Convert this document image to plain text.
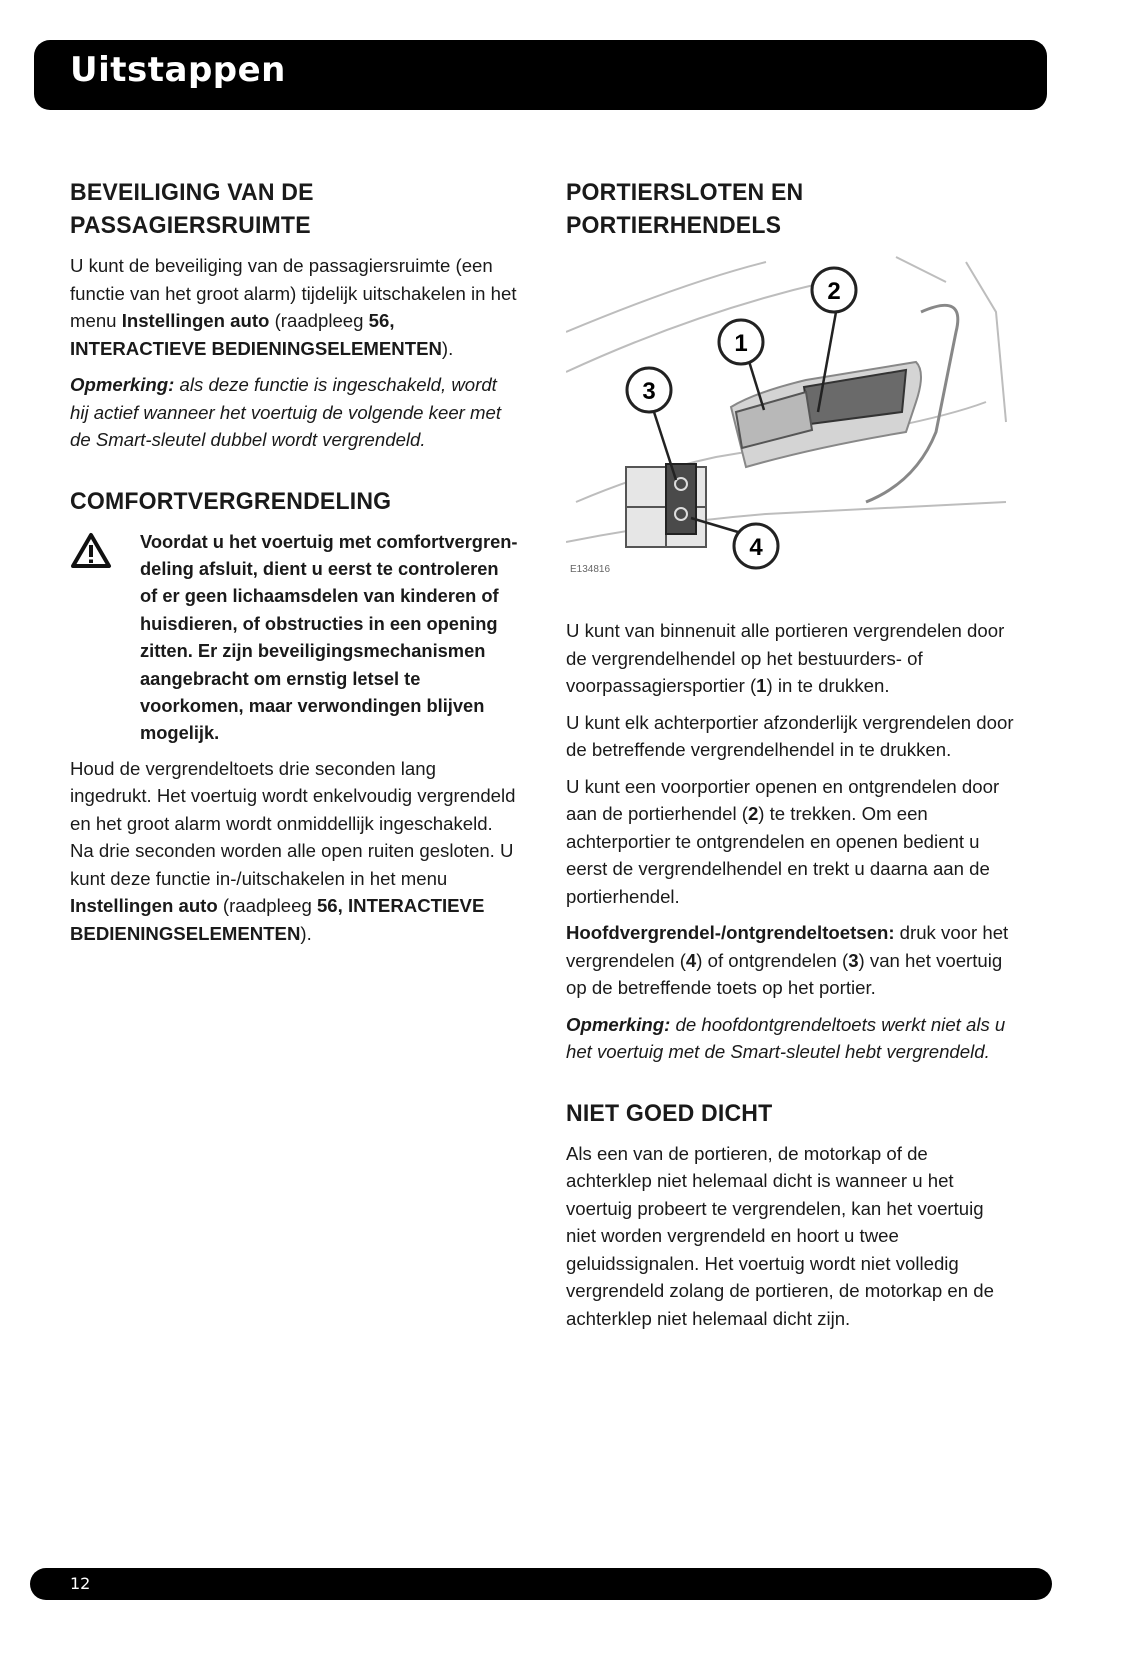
Uitstappen
BEVEILIGING VAN DE PASSAGIERSRUIMTE

U kunt de beveiliging van de passagiersruimte (een functie van het groot alarm) tijdelijk uitschakelen in het menu Instellingen auto (raadpleeg 56, INTERACTIEVE BEDIENINGSELEMENTEN).

Opmerking: als deze functie is ingeschakeld, wordt hij actief wanneer het voertuig de volgende keer met de Smart-sleutel dubbel wordt vergrendeld.

COMFORTVERGRENDELING
Voordat u het voertuig met comfortvergren-deling afsluit, dient u eerst te controleren of er geen lichaamsdelen van kinderen of huisdieren, of obstructies in een opening zitten. Er zijn beveiligingsmechanismen aangebracht om ernstig letsel te voorkomen, maar verwondingen blijven mogelijk.

Houd de vergrendeltoets drie seconden lang ingedrukt. Het voertuig wordt enkelvoudig vergrendeld en het groot alarm wordt onmiddellijk ingeschakeld. Na drie seconden worden alle open ruiten gesloten. U kunt deze functie in-/uitschakelen in het menu Instellingen auto (raadpleeg 56, INTERACTIEVE BEDIENINGSELEMENTEN).

PORTIERSLOTEN EN PORTIERHENDELS
1
2
3
4
E134816

U kunt van binnenuit alle portieren vergrendelen door de vergrendelhendel op het bestuurders- of voorpassagiersportier (1) in te drukken.

U kunt elk achterportier afzonderlijk vergrendelen door de betreffende vergrendelhendel in te drukken.

U kunt een voorportier openen en ontgrendelen door aan de portierhendel (2) te trekken. Om een achterportier te ontgrendelen en openen bedient u eerst de vergrendelhendel en trekt u daarna aan de portierhendel.

Hoofdvergrendel-/ontgrendeltoetsen: druk voor het vergrendelen (4) of ontgrendelen (3) van het voertuig op de betreffende toets op het portier.

Opmerking: de hoofdontgrendeltoets werkt niet als u het voertuig met de Smart-sleutel hebt vergrendeld.

NIET GOED DICHT

Als een van de portieren, de motorkap of de achterklep niet helemaal dicht is wanneer u het voertuig probeert te vergrendelen, kan het voertuig niet worden vergrendeld en hoort u twee geluidssignalen. Het voertuig wordt niet volledig vergrendeld zolang de portieren, de motorkap en de achterklep niet helemaal dicht zijn.

12
